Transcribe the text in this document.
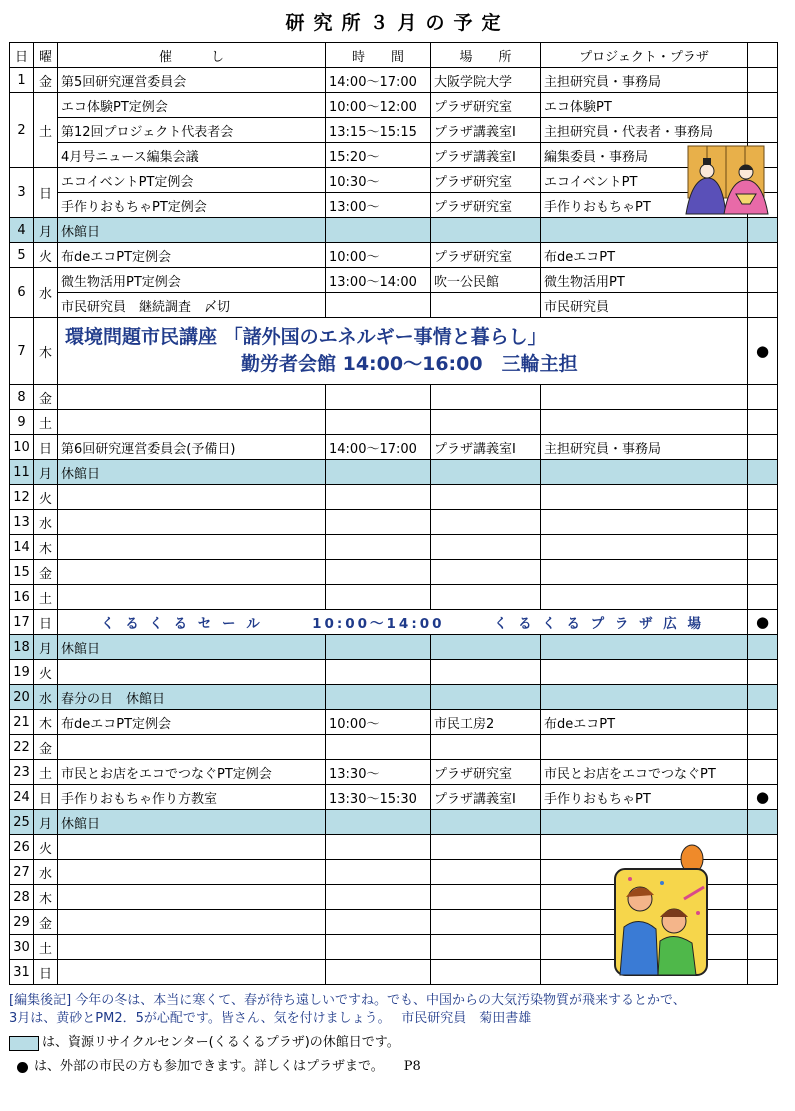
研究所３月の予定
日	曜	催　　　し	時　　間	場　　所	プロジェクト・プラザ	
1	金	第5回研究運営委員会	14:00～17:00	大阪学院大学	主担研究員・事務局	
2	土	エコ体験PT定例会	10:00～12:00	プラザ研究室	エコ体験PT	
		第12回プロジェクト代表者会	13:15～15:15	プラザ講義室Ⅰ	主担研究員・代表者・事務局	
		4月号ニュース編集会議	15:20～	プラザ講義室Ⅰ	編集委員・事務局	
3	日	エコイベントPT定例会	10:30～	プラザ研究室	エコイベントPT	
		手作りおもちゃPT定例会	13:00～	プラザ研究室	手作りおもちゃPT	
4	月	休館日				
5	火	布deエコPT定例会	10:00～	プラザ研究室	布deエコPT	
6	水	微生物活用PT定例会	13:00～14:00	吹一公民館	微生物活用PT	
		市民研究員　継続調査　〆切			市民研究員	
7	木	環境問題市民講座 「諸外国のエネルギー事情と暮らし」
勤労者会館 14:00～16:00　三輪主担				●
8	金					
9	土					
10	日	第6回研究運営委員会(予備日)	14:00～17:00	プラザ講義室Ⅰ	主担研究員・事務局	
11	月	休館日				
12	火					
13	水					
14	木					
15	金					
16	土					
17	日	く る く る セ ー ル 10:00～14:00 く る く る プ ラ ザ 広 場				●
18	月	休館日				
19	火					
20	水	春分の日　休館日				
21	木	布deエコPT定例会	10:00～	市民工房2	布deエコPT	
22	金					
23	土	市民とお店をエコでつなぐPT定例会	13:30～	プラザ研究室	市民とお店をエコでつなぐPT	
24	日	手作りおもちゃ作り方教室	13:30～15:30	プラザ講義室Ⅰ	手作りおもちゃPT	●
25	月	休館日				
26	火					
27	水					
28	木					
29	金					
30	土					
31	日					
[編集後記] 今年の冬は、本当に寒くて、春が待ち遠しいですね。でも、中国からの大気汚染物質が飛来するとかで、
3月は、黄砂とPM2．5が心配です。皆さん、気を付けましょう。　 市民研究員　菊田書雄
は、資源リサイクルセンター(くるくるプラザ)の休館日です。
は、外部の市民の方も参加できます。詳しくはプラザまで。 P8
